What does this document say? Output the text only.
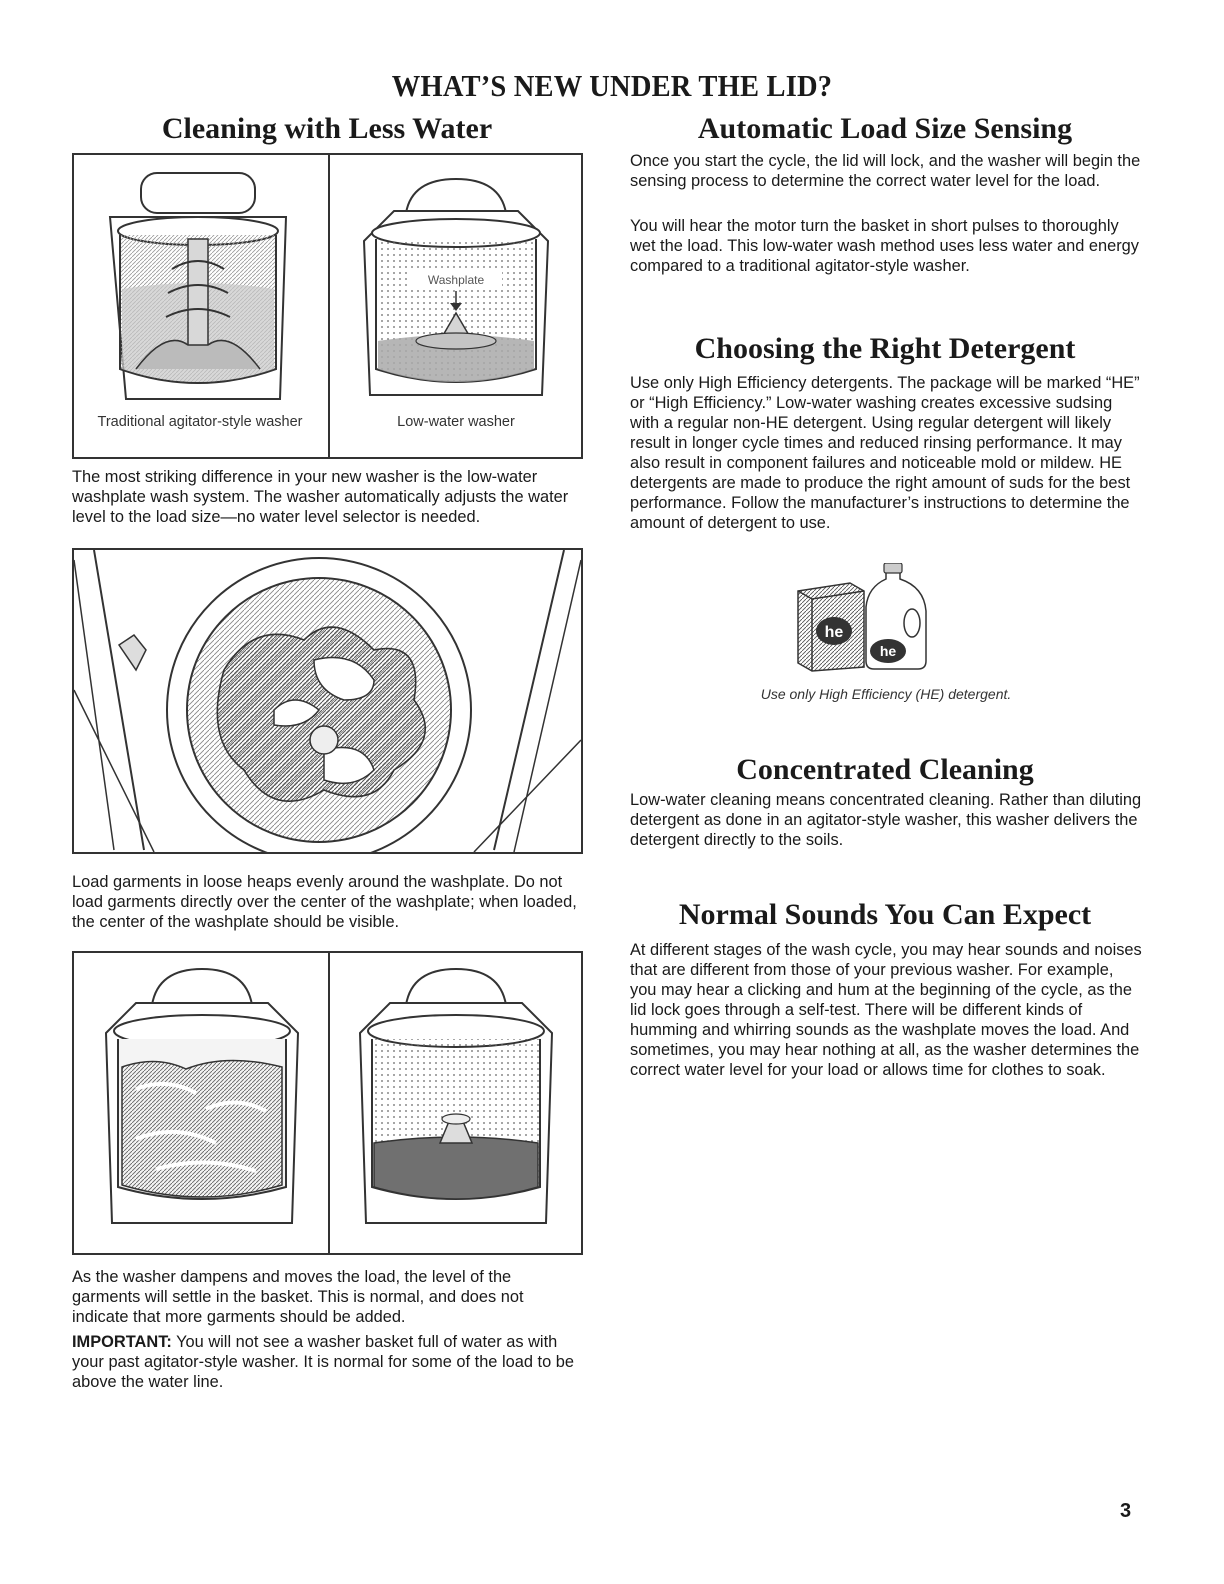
WHAT’S NEW UNDER THE LID?
Cleaning with Less Water
Traditional agitator-style washer
Washplate
Low-water washer

The most striking difference in your new washer is the low-water washplate wash system. The washer automatically adjusts the water level to the load size—no water level selector is needed.

Load garments in loose heaps evenly around the washplate. Do not load garments directly over the center of the washplate; when loaded, the center of the washplate should be visible.

As the washer dampens and moves the load, the level of the garments will settle in the basket. This is normal, and does not indicate that more garments should be added.

IMPORTANT: You will not see a washer basket full of water as with your past agitator-style washer. It is normal for some of the load to be above the water line.

Automatic Load Size Sensing

Once you start the cycle, the lid will lock, and the washer will begin the sensing process to determine the correct water level for the load.

You will hear the motor turn the basket in short pulses to thoroughly wet the load. This low-water wash method uses less water and energy compared to a traditional agitator-style washer.

Choosing the Right Detergent

Use only High Efficiency detergents. The package will be marked “HE” or “High Efficiency.” Low-water washing creates excessive sudsing with a regular non-HE detergent. Using regular detergent will likely result in longer cycle times and reduced rinsing performance. It may also result in component failures and noticeable mold or mildew. HE detergents are made to produce the right amount of suds for the best performance. Follow the manufacturer’s instructions to determine the amount of detergent to use.

he
he
Use only High Efficiency (HE) detergent.
Concentrated Cleaning

Low-water cleaning means concentrated cleaning. Rather than diluting detergent as done in an agitator-style washer, this washer delivers the detergent directly to the soils.

Normal Sounds You Can Expect

At different stages of the wash cycle, you may hear sounds and noises that are different from those of your previous washer. For example, you may hear a clicking and hum at the beginning of the cycle, as the lid lock goes through a self-test. There will be different kinds of humming and whirring sounds as the washplate moves the load. And sometimes, you may hear nothing at all, as the washer determines the correct water level for your load or allows time for clothes to soak.

3
